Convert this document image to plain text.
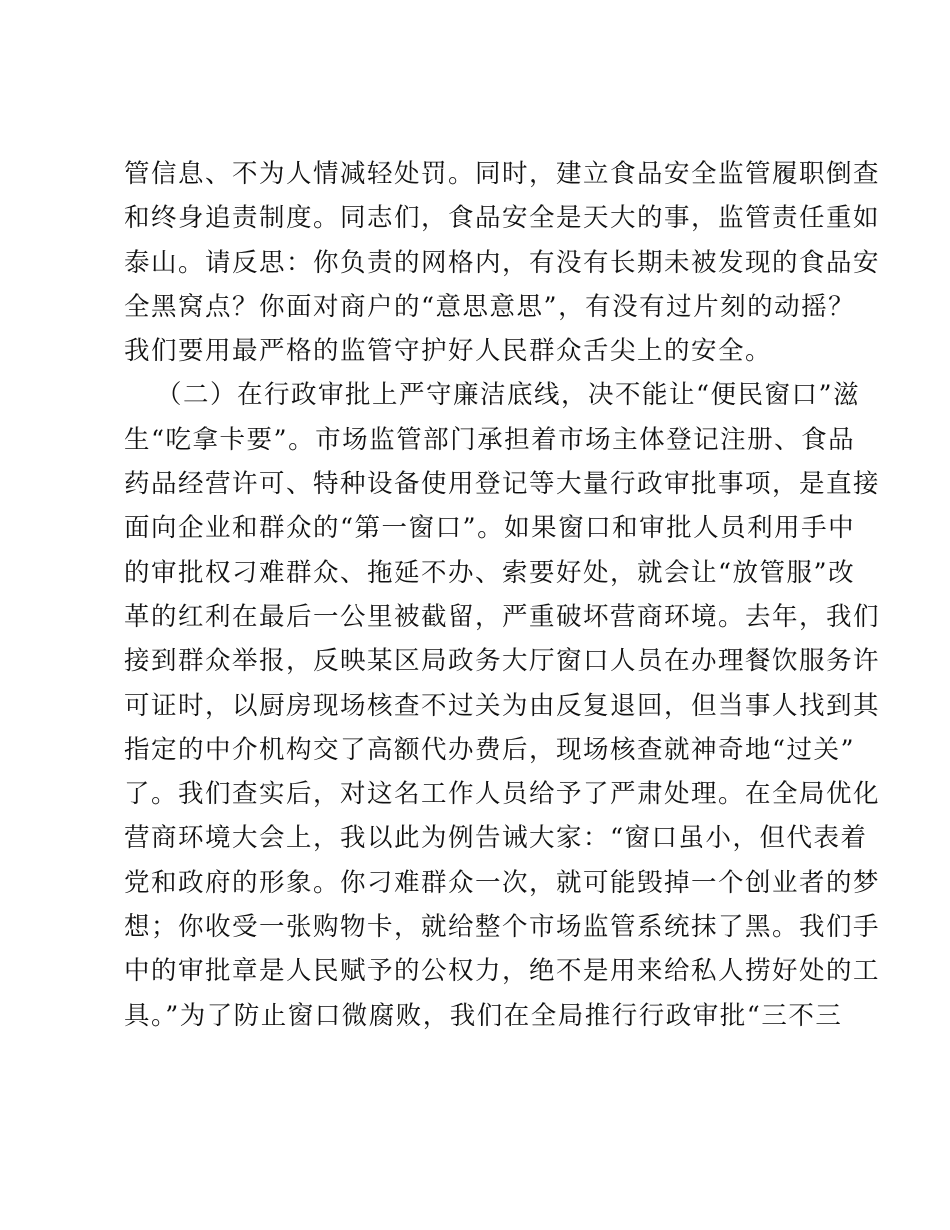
管信息、不为人情减轻处罚。同时，建立食品安全监管履职倒查
和终身追责制度。同志们，食品安全是天大的事，监管责任重如
泰山。请反思：你负责的网格内，有没有长期未被发现的食品安
全黑窝点？你面对商户的“意思意思”，有没有过片刻的动摇？
我们要用最严格的监管守护好人民群众舌尖上的安全。
（二）在行政审批上严守廉洁底线，决不能让“便民窗口”滋
生“吃拿卡要”。市场监管部门承担着市场主体登记注册、食品
药品经营许可、特种设备使用登记等大量行政审批事项，是直接
面向企业和群众的“第一窗口”。如果窗口和审批人员利用手中
的审批权刁难群众、拖延不办、索要好处，就会让“放管服”改
革的红利在最后一公里被截留，严重破坏营商环境。去年，我们
接到群众举报，反映某区局政务大厅窗口人员在办理餐饮服务许
可证时，以厨房现场核查不过关为由反复退回，但当事人找到其
指定的中介机构交了高额代办费后，现场核查就神奇地“过关”
了。我们查实后，对这名工作人员给予了严肃处理。在全局优化
营商环境大会上，我以此为例告诫大家：“窗口虽小，但代表着
党和政府的形象。你刁难群众一次，就可能毁掉一个创业者的梦
想；你收受一张购物卡，就给整个市场监管系统抹了黑。我们手
中的审批章是人民赋予的公权力，绝不是用来给私人捞好处的工
具。”为了防止窗口微腐败，我们在全局推行行政审批“三不三
